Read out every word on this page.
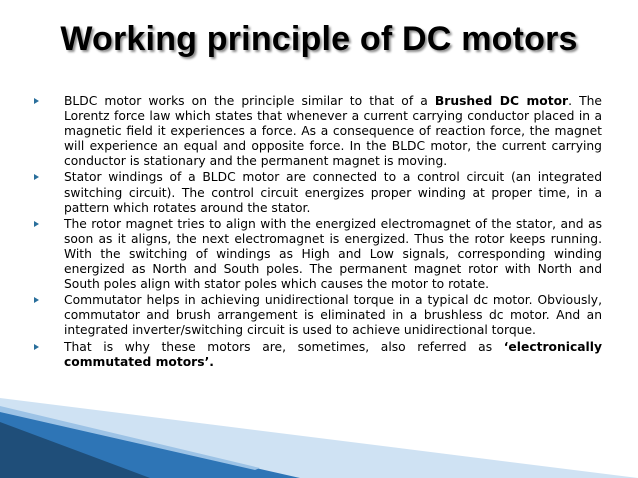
Working principle of DC motors
BLDC motor works on the principle similar to that of a Brushed DC motor. The Lorentz force law which states that whenever a current carrying conductor placed in a magnetic field it experiences a force. As a consequence of reaction force, the magnet will experience an equal and opposite force. In the BLDC motor, the current carrying conductor is stationary and the permanent magnet is moving.
Stator windings of a BLDC motor are connected to a control circuit (an integrated switching circuit). The control circuit energizes proper winding at proper time, in a pattern which rotates around the stator.
The rotor magnet tries to align with the energized electromagnet of the stator, and as soon as it aligns, the next electromagnet is energized. Thus the rotor keeps running. With the switching of windings as High and Low signals, corresponding winding energized as North and South poles. The permanent magnet rotor with North and South poles align with stator poles which causes the motor to rotate.
Commutator helps in achieving unidirectional torque in a typical dc motor. Obviously, commutator and brush arrangement is eliminated in a brushless dc motor. And an integrated inverter/switching circuit is used to achieve unidirectional torque.
That is why these motors are, sometimes, also referred as ‘electronically commutated motors’.
